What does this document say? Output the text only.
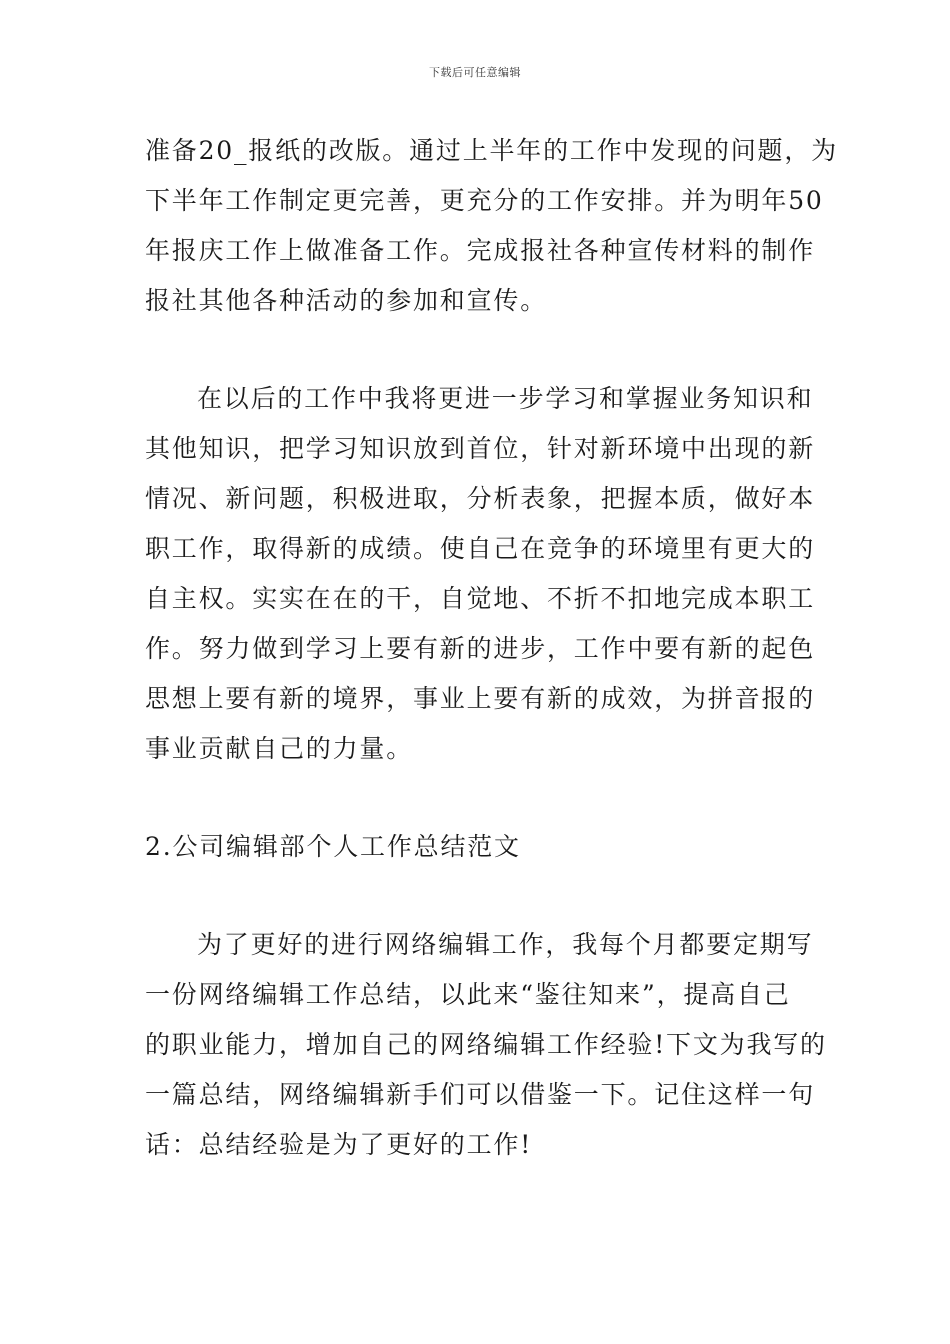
下载后可任意编辑
准备20_报纸的改版。通过上半年的工作中发现的问题，为
下半年工作制定更完善，更充分的工作安排。并为明年50
年报庆工作上做准备工作。完成报社各种宣传材料的制作
报社其他各种活动的参加和宣传。
在以后的工作中我将更进一步学习和掌握业务知识和
其他知识，把学习知识放到首位，针对新环境中出现的新
情况、新问题，积极进取，分析表象，把握本质，做好本
职工作，取得新的成绩。使自己在竞争的环境里有更大的
自主权。实实在在的干，自觉地、不折不扣地完成本职工
作。努力做到学习上要有新的进步，工作中要有新的起色
思想上要有新的境界，事业上要有新的成效，为拼音报的
事业贡献自己的力量。
2.公司编辑部个人工作总结范文
为了更好的进行网络编辑工作，我每个月都要定期写
一份网络编辑工作总结，以此来“鉴往知来”，提高自己
的职业能力，增加自己的网络编辑工作经验!下文为我写的
一篇总结，网络编辑新手们可以借鉴一下。记住这样一句
话：总结经验是为了更好的工作!
